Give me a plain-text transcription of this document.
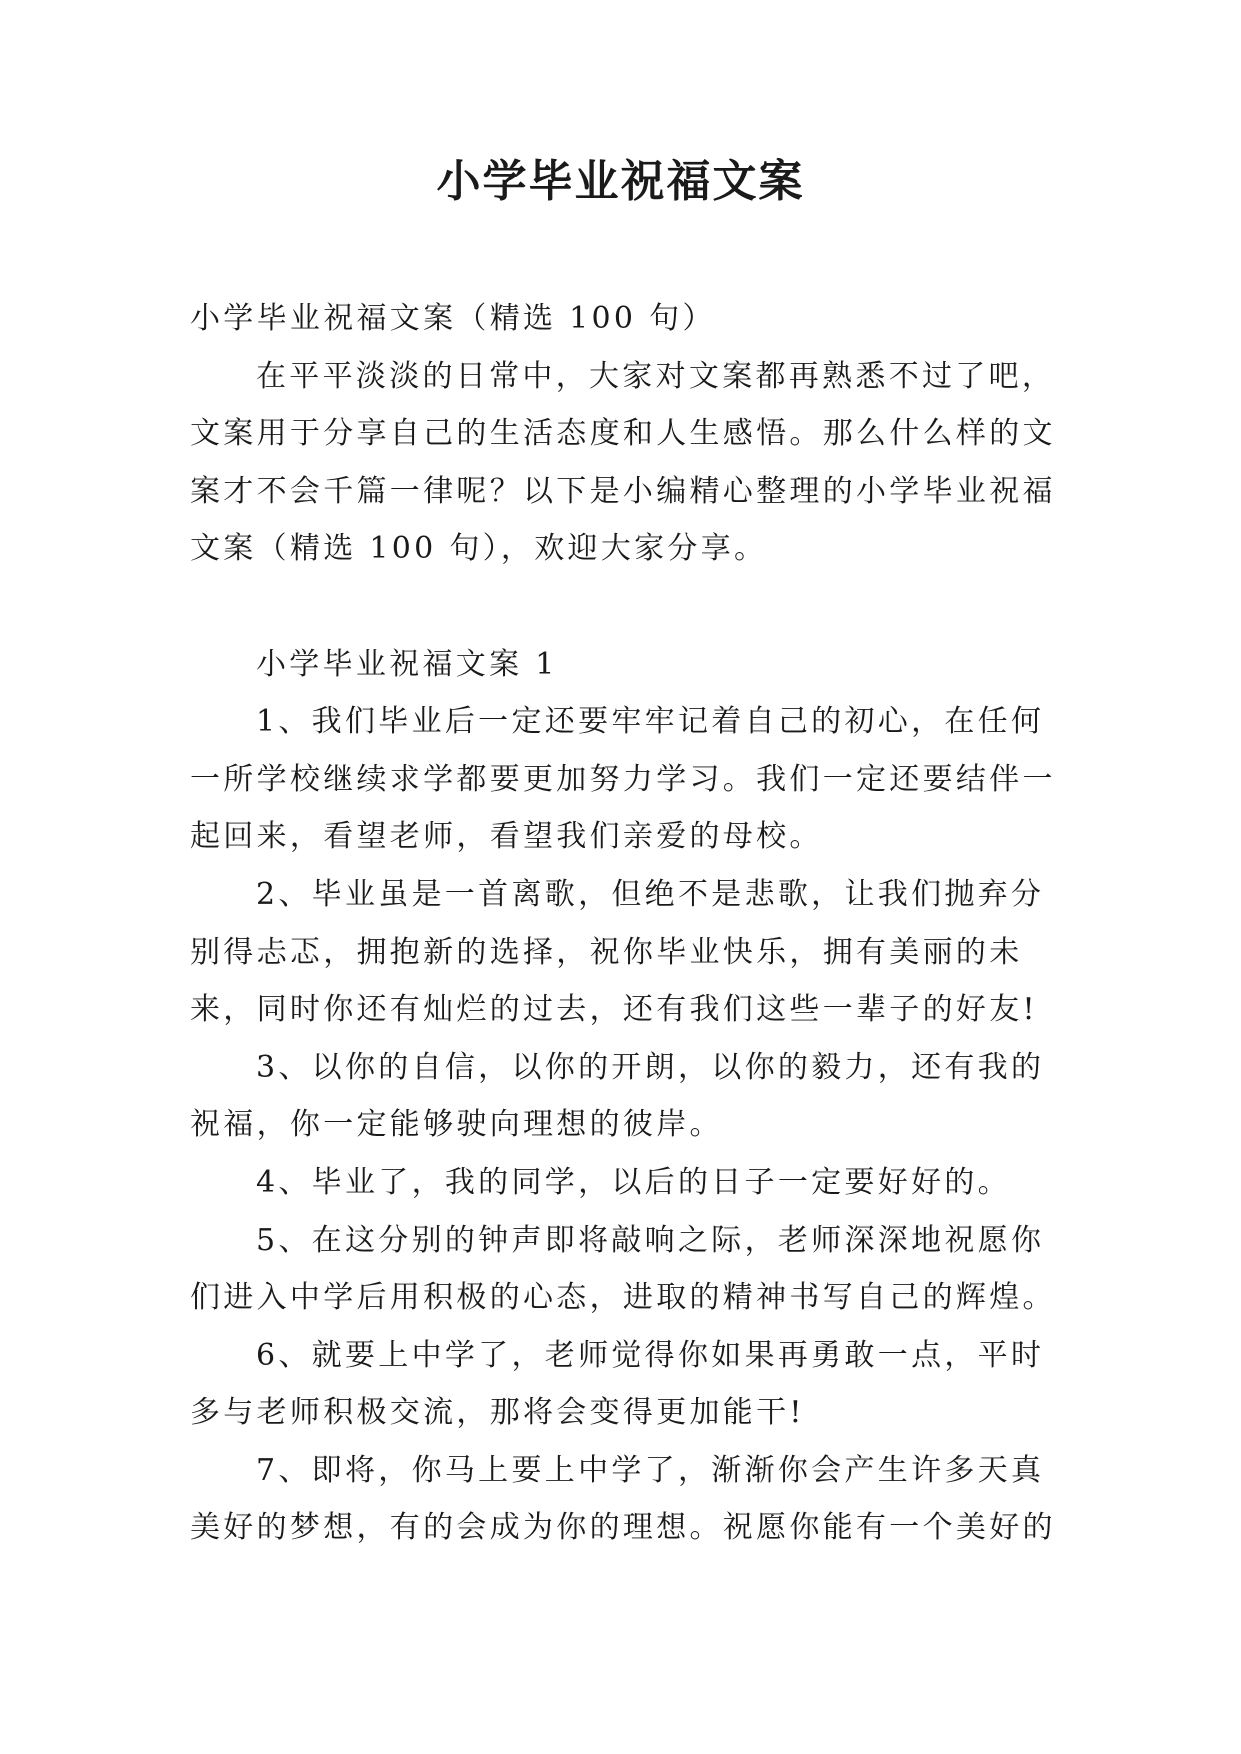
小学毕业祝福文案

小学毕业祝福文案（精选 100 句）

在平平淡淡的日常中，大家对文案都再熟悉不过了吧，文案用于分享自己的生活态度和人生感悟。那么什么样的文案才不会千篇一律呢？以下是小编精心整理的小学毕业祝福文案（精选 100 句），欢迎大家分享。

小学毕业祝福文案 1

1、我们毕业后一定还要牢牢记着自己的初心，在任何一所学校继续求学都要更加努力学习。我们一定还要结伴一起回来，看望老师，看望我们亲爱的母校。

2、毕业虽是一首离歌，但绝不是悲歌，让我们抛弃分别得忐忑，拥抱新的选择，祝你毕业快乐，拥有美丽的未来，同时你还有灿烂的过去，还有我们这些一辈子的好友!

3、以你的自信，以你的开朗，以你的毅力，还有我的祝福，你一定能够驶向理想的彼岸。

4、毕业了，我的同学，以后的日子一定要好好的。

5、在这分别的钟声即将敲响之际，老师深深地祝愿你们进入中学后用积极的心态，进取的精神书写自己的辉煌。

6、就要上中学了，老师觉得你如果再勇敢一点，平时多与老师积极交流，那将会变得更加能干!

7、即将，你马上要上中学了，渐渐你会产生许多天真美好的梦想，有的会成为你的理想。祝愿你能有一个美好的
